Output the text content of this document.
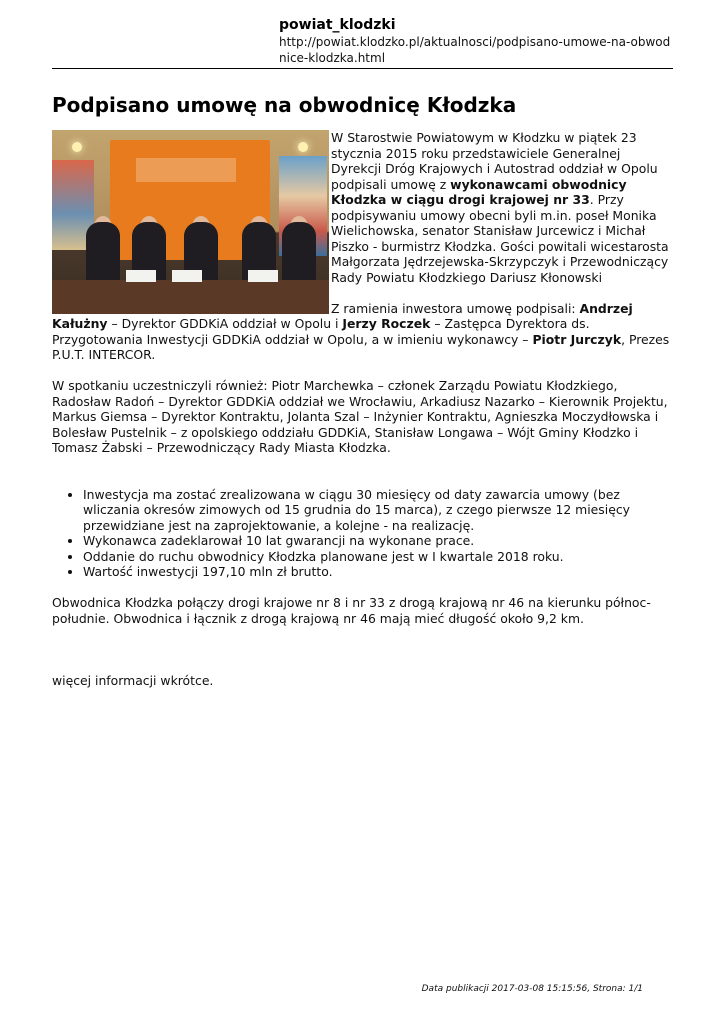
powiat_klodzki
http://powiat.klodzko.pl/aktualnosci/podpisano-umowe-na-obwodnice-klodzka.html
Podpisano umowę na obwodnicę Kłodzka

W Starostwie Powiatowym w Kłodzku w piątek 23 stycznia 2015 roku przedstawiciele Generalnej Dyrekcji Dróg Krajowych i Autostrad oddział w Opolu podpisali umowę z wykonawcami obwodnicy Kłodzka w ciągu drogi krajowej nr 33. Przy podpisywaniu umowy obecni byli m.in. poseł Monika Wielichowska, senator Stanisław Jurcewicz i Michał Piszko - burmistrz Kłodzka. Gości powitali wicestarosta Małgorzata Jędrzejewska-Skrzypczyk i Przewodniczący Rady Powiatu Kłodzkiego Dariusz Kłonowski

Z ramienia inwestora umowę podpisali: Andrzej Kałużny – Dyrektor GDDKiA oddział w Opolu i Jerzy Roczek – Zastępca Dyrektora ds. Przygotowania Inwestycji GDDKiA oddział w Opolu, a w imieniu wykonawcy – Piotr Jurczyk, Prezes P.U.T. INTERCOR.

W spotkaniu uczestniczyli również: Piotr Marchewka – członek Zarządu Powiatu Kłodzkiego, Radosław Radoń – Dyrektor GDDKiA oddział we Wrocławiu, Arkadiusz Nazarko – Kierownik Projektu, Markus Giemsa – Dyrektor Kontraktu, Jolanta Szal – Inżynier Kontraktu, Agnieszka Moczydłowska i Bolesław Pustelnik – z opolskiego oddziału GDDKiA, Stanisław Longawa – Wójt Gminy Kłodzko i Tomasz Żabski – Przewodniczący Rady Miasta Kłodzka.

• Inwestycja ma zostać zrealizowana w ciągu 30 miesięcy od daty zawarcia umowy (bez wliczania okresów zimowych od 15 grudnia do 15 marca), z czego pierwsze 12 miesięcy przewidziane jest na zaprojektowanie, a kolejne - na realizację.
• Wykonawca zadeklarował 10 lat gwarancji na wykonane prace.
• Oddanie do ruchu obwodnicy Kłodzka planowane jest w I kwartale 2018 roku.
• Wartość inwestycji 197,10 mln zł brutto.

Obwodnica Kłodzka połączy drogi krajowe nr 8 i nr 33 z drogą krajową nr 46 na kierunku północ-południe. Obwodnica i łącznik z drogą krajową nr 46 mają mieć długość około 9,2 km.

więcej informacji wkrótce.

Data publikacji 2017-03-08 15:15:56, Strona: 1/1
